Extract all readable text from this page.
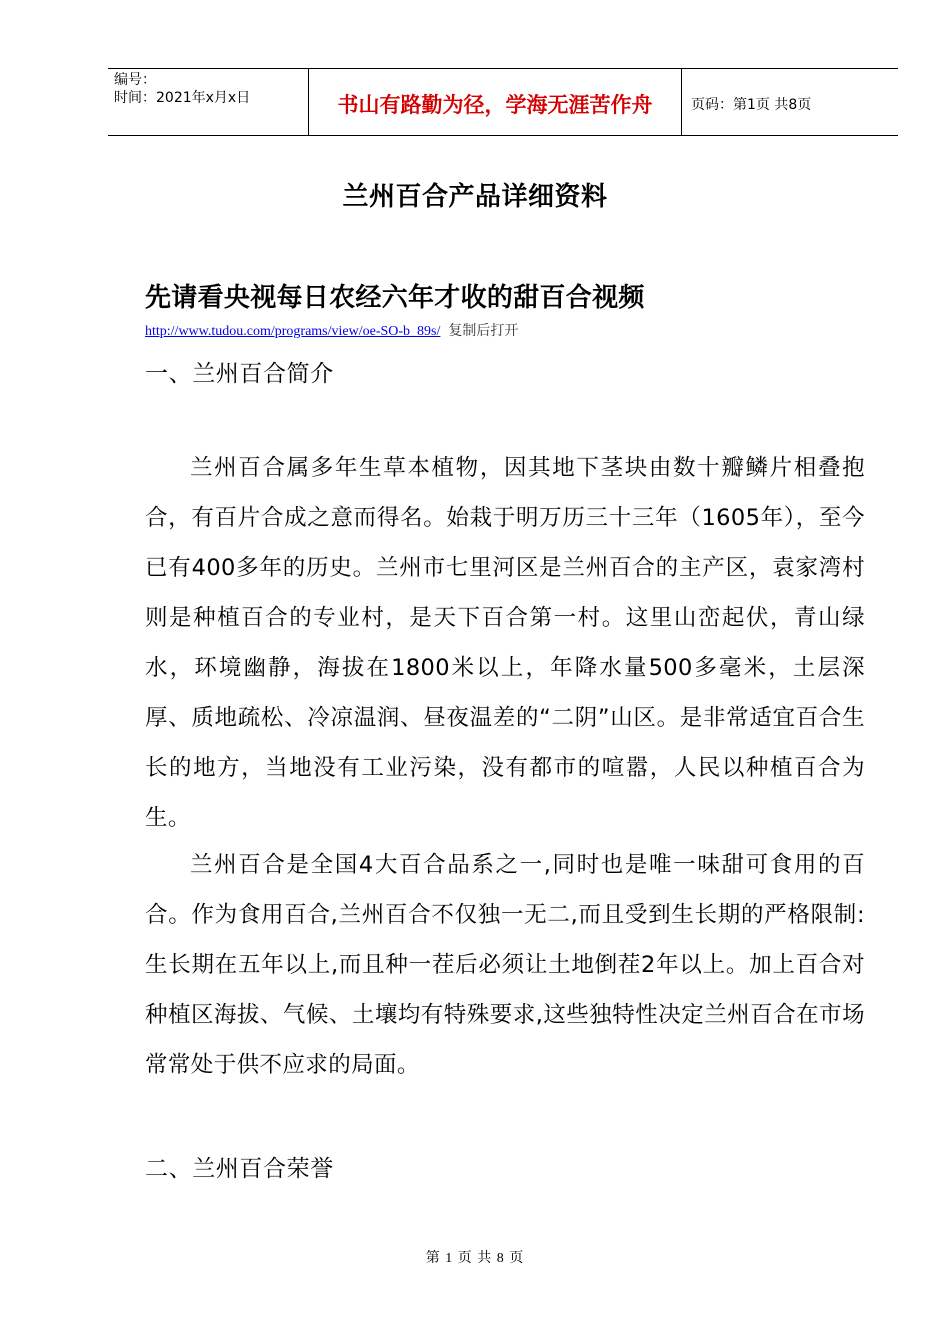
编号：
时间：2021年x月x日	书山有路勤为径，学海无涯苦作舟	页码：第1页 共8页
兰州百合产品详细资料
先请看央视每日农经六年才收的甜百合视频
http://www.tudou.com/programs/view/oe-SO-b_89s/ 复制后打开
一、兰州百合简介

兰州百合属多年生草本植物，因其地下茎块由数十瓣鳞片相叠抱合，有百片合成之意而得名。始栽于明万历三十三年（1605年），至今已有400多年的历史。兰州市七里河区是兰州百合的主产区，袁家湾村则是种植百合的专业村，是天下百合第一村。这里山峦起伏，青山绿水，环境幽静，海拔在1800米以上，年降水量500多毫米，土层深厚、质地疏松、冷凉温润、昼夜温差的“二阴”山区。是非常适宜百合生长的地方，当地没有工业污染，没有都市的喧嚣，人民以种植百合为生。

兰州百合是全国4大百合品系之一,同时也是唯一味甜可食用的百合。作为食用百合,兰州百合不仅独一无二,而且受到生长期的严格限制: 生长期在五年以上,而且种一茬后必须让土地倒茬2年以上。加上百合对种植区海拔、气候、土壤均有特殊要求,这些独特性决定兰州百合在市场常常处于供不应求的局面。

二、兰州百合荣誉
第 1 页 共 8 页
